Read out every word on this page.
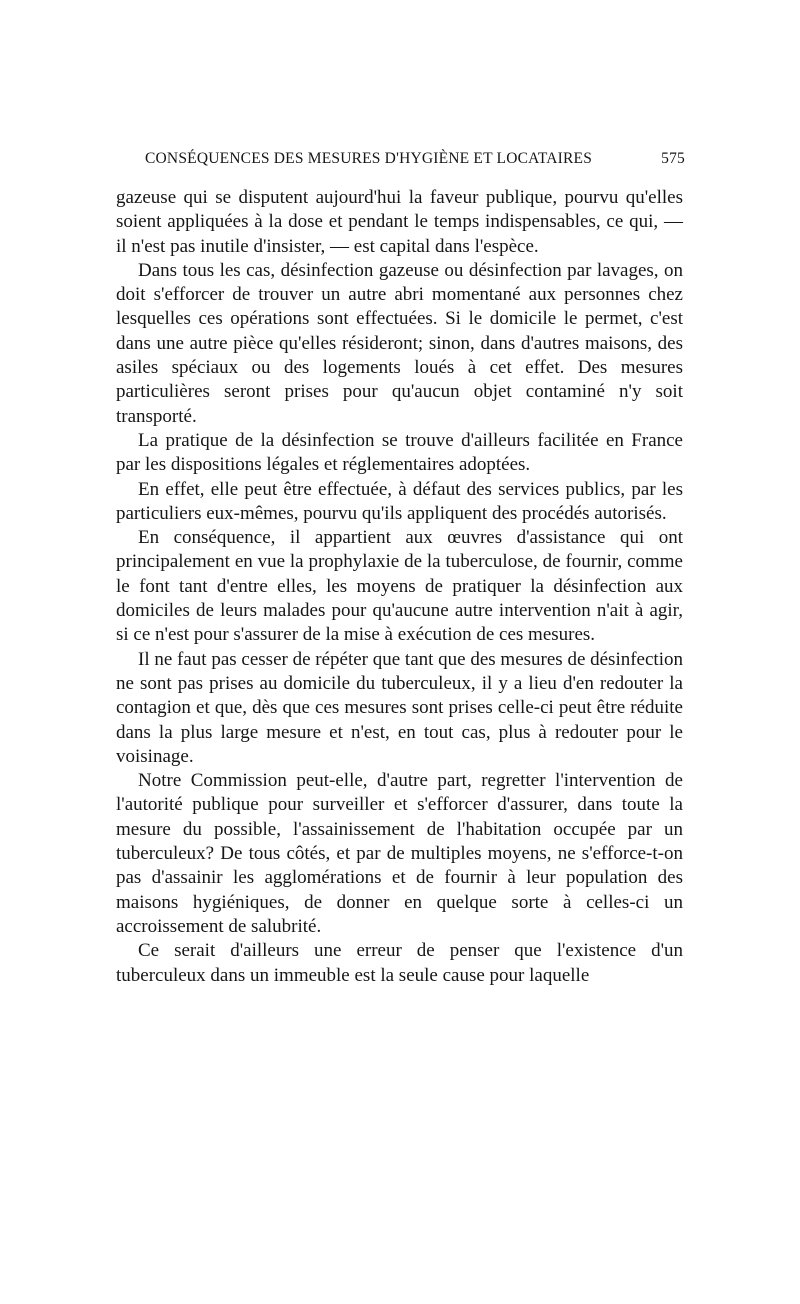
CONSÉQUENCES DES MESURES D'HYGIÈNE ET LOCATAIRES	575

gazeuse qui se disputent aujourd'hui la faveur publique, pourvu qu'elles soient appliquées à la dose et pendant le temps indispensables, ce qui, — il n'est pas inutile d'insister, — est capital dans l'espèce.

Dans tous les cas, désinfection gazeuse ou désinfection par lavages, on doit s'efforcer de trouver un autre abri momentané aux personnes chez lesquelles ces opérations sont effectuées. Si le domicile le permet, c'est dans une autre pièce qu'elles résideront; sinon, dans d'autres maisons, des asiles spéciaux ou des logements loués à cet effet. Des mesures particulières seront prises pour qu'aucun objet contaminé n'y soit transporté.

La pratique de la désinfection se trouve d'ailleurs facilitée en France par les dispositions légales et réglementaires adoptées.

En effet, elle peut être effectuée, à défaut des services publics, par les particuliers eux-mêmes, pourvu qu'ils appliquent des procédés autorisés.

En conséquence, il appartient aux œuvres d'assistance qui ont principalement en vue la prophylaxie de la tuberculose, de fournir, comme le font tant d'entre elles, les moyens de pratiquer la désinfection aux domiciles de leurs malades pour qu'aucune autre intervention n'ait à agir, si ce n'est pour s'assurer de la mise à exécution de ces mesures.

Il ne faut pas cesser de répéter que tant que des mesures de désinfection ne sont pas prises au domicile du tuberculeux, il y a lieu d'en redouter la contagion et que, dès que ces mesures sont prises celle-ci peut être réduite dans la plus large mesure et n'est, en tout cas, plus à redouter pour le voisinage.

Notre Commission peut-elle, d'autre part, regretter l'intervention de l'autorité publique pour surveiller et s'efforcer d'assurer, dans toute la mesure du possible, l'assainissement de l'habitation occupée par un tuberculeux? De tous côtés, et par de multiples moyens, ne s'efforce-t-on pas d'assainir les agglomérations et de fournir à leur population des maisons hygiéniques, de donner en quelque sorte à celles-ci un accroissement de salubrité.

Ce serait d'ailleurs une erreur de penser que l'existence d'un tuberculeux dans un immeuble est la seule cause pour laquelle
